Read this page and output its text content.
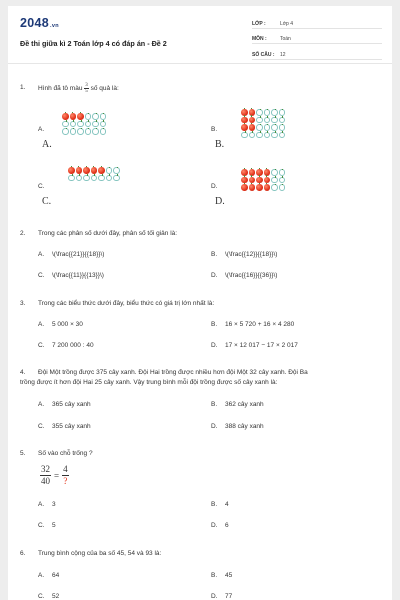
2048.vn
Đề thi giữa kì 2 Toán lớp 4 có đáp án - Đề 2
LỚP :	Lớp 4
MÔN :	Toán
SỐ CÂU :	12
1.	Hình đã tô màu $\frac{3}{5}$ số quả là:
A.
A.
B.
B.
C.
C.
D.
D.
2.	Trong các phân số dưới đây, phân số tối giản là:
A.	\(\frac{{21}}{{18}}\)	B.	\(\frac{{12}}{{18}}\)
C.	\(\frac{{11}}{{13}}\)	D.	\(\frac{{16}}{{36}}\)
3.	Trong các biểu thức dưới đây, biểu thức có giá trị lớn nhất là:
A.	5 000 × 30	B.	16 × 5 720 + 16 × 4 280
C.	7 200 000 : 40	D.	17 × 12 017 − 17 × 2 017
4.	Đội Một trồng được 375 cây xanh. Đội Hai trồng được nhiều hơn đội Một 32 cây xanh. Đội Ba
trồng được ít hơn đội Hai 25 cây xanh. Vậy trung bình mỗi đội trồng được số cây xanh là:
A.	365 cây xanh	B.	362 cây xanh
C.	355 cây xanh	D.	388 cây xanh
5.	Số vào chỗ trống ?
$\frac{32}{40} = \frac{4}{?}$
A.	3	B.	4
C.	5	D.	6
6.	Trung bình cộng của ba số 45, 54 và 93 là:
A.	64	B.	45
C.	52	D.	77
